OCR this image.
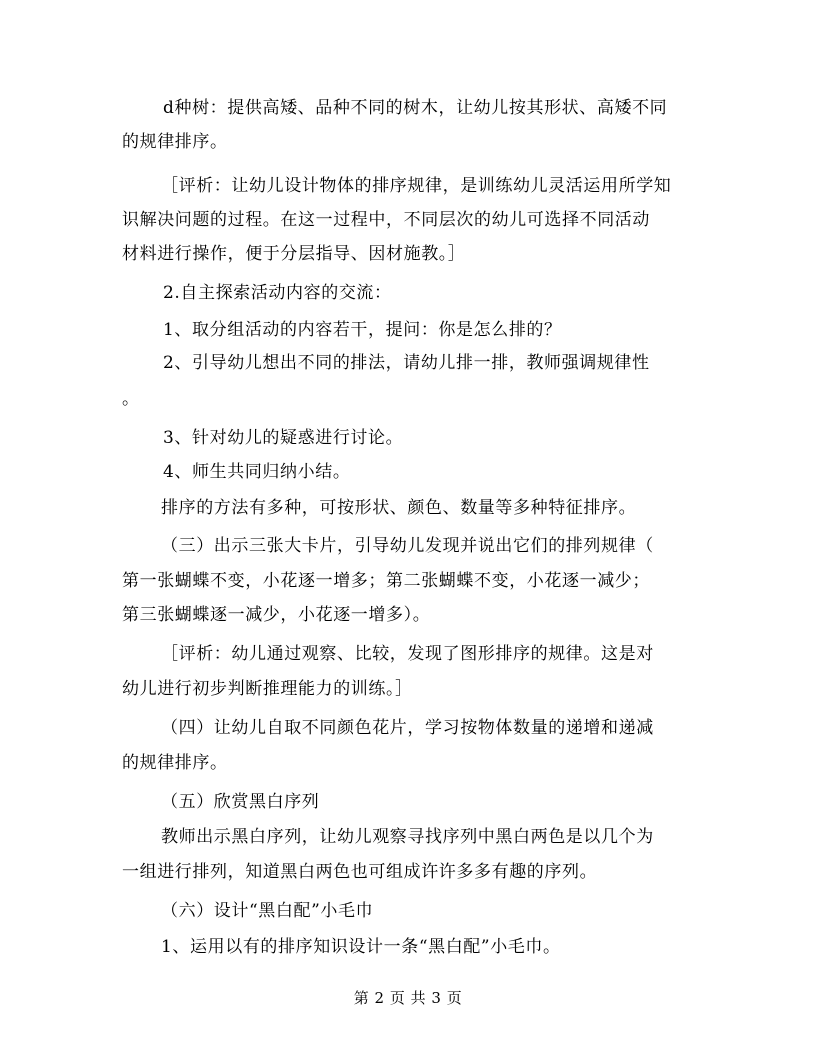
d种树：提供高矮、品种不同的树木，让幼儿按其形状、高矮不同
的规律排序。
［评析：让幼儿设计物体的排序规律，是训练幼儿灵活运用所学知
识解决问题的过程。在这一过程中，不同层次的幼儿可选择不同活动
材料进行操作，便于分层指导、因材施教。］
2.自主探索活动内容的交流：
1、取分组活动的内容若干，提问：你是怎么排的？
2、引导幼儿想出不同的排法，请幼儿排一排，教师强调规律性
。
3、针对幼儿的疑惑进行讨论。
4、师生共同归纳小结。
排序的方法有多种，可按形状、颜色、数量等多种特征排序。
（三）出示三张大卡片，引导幼儿发现并说出它们的排列规律（
第一张蝴蝶不变，小花逐一增多；第二张蝴蝶不变，小花逐一减少；
第三张蝴蝶逐一减少，小花逐一增多）。
［评析：幼儿通过观察、比较，发现了图形排序的规律。这是对
幼儿进行初步判断推理能力的训练。］
（四）让幼儿自取不同颜色花片，学习按物体数量的递增和递减
的规律排序。
（五）欣赏黑白序列
教师出示黑白序列，让幼儿观察寻找序列中黑白两色是以几个为
一组进行排列，知道黑白两色也可组成许许多多有趣的序列。
（六）设计“黑白配”小毛巾
1、运用以有的排序知识设计一条“黑白配”小毛巾。
第 2 页 共 3 页
